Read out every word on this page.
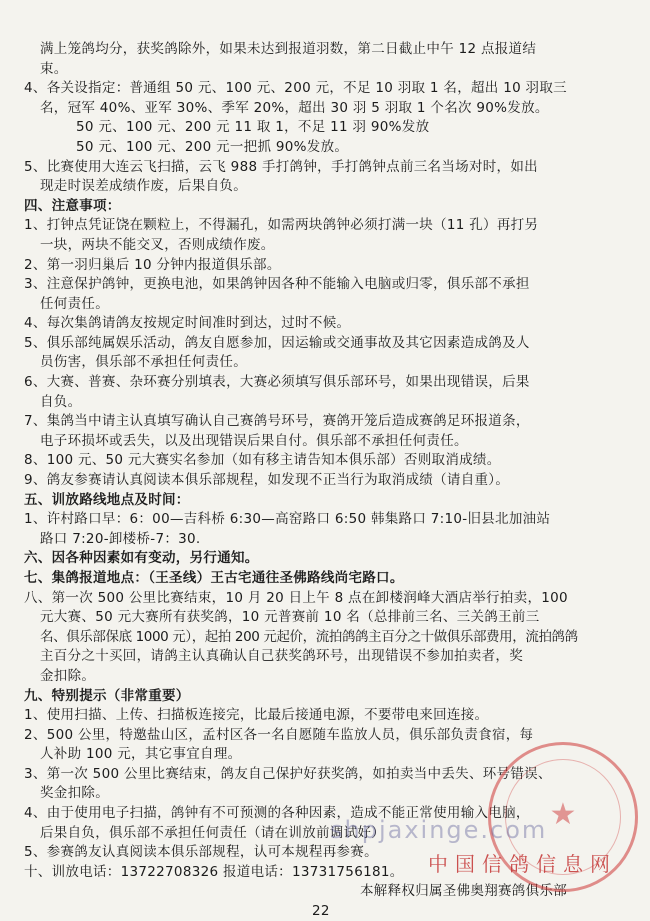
满上笼鸽均分，获奖鸽除外，如果未达到报道羽数，第二日截止中午 12 点报道结
束。
4、各关设指定：普通组 50 元、100 元、200 元，不足 10 羽取 1 名，超出 10 羽取三
名，冠军 40%、亚军 30%、季军 20%，超出 30 羽 5 羽取 1 个名次 90%发放。
50 元、100 元、200 元 11 取 1，不足 11 羽 90%发放
50 元、100 元、200 元一把抓 90%发放。
5、比赛使用大连云飞扫描，云飞 988 手打鸽钟，手打鸽钟点前三名当场对时，如出
现走时误差成绩作废，后果自负。
四、注意事项：
1、打钟点凭证饶在颗粒上，不得漏孔，如需两块鸽钟必须打满一块（11 孔）再打另
一块，两块不能交叉，否则成绩作废。
2、第一羽归巢后 10 分钟内报道俱乐部。
3、注意保护鸽钟，更换电池，如果鸽钟因各种不能输入电脑或归零，俱乐部不承担
任何责任。
4、每次集鸽请鸽友按规定时间准时到达，过时不候。
5、俱乐部纯属娱乐活动，鸽友自愿参加，因运输或交通事故及其它因素造成鸽及人
员伤害，俱乐部不承担任何责任。
6、大赛、普赛、杂环赛分别填表，大赛必须填写俱乐部环号，如果出现错误，后果
自负。
7、集鸽当中请主认真填写确认自己赛鸽号环号，赛鸽开笼后造成赛鸽足环报道条，
电子环损坏或丢失，以及出现错误后果自付。俱乐部不承担任何责任。
8、100 元、50 元大赛实名参加（如有移主请告知本俱乐部）否则取消成绩。
9、鸽友参赛请认真阅读本俱乐部规程，如发现不正当行为取消成绩（请自重）。
五、训放路线地点及时间：
1、许村路口早：6：00—吉科桥 6:30—高窑路口 6:50 韩集路口 7:10-旧县北加油站
路口 7:20-卸楼桥-7：30.
六、因各种因素如有变动，另行通知。
七、集鸽报道地点：（王圣线）王古宅通往圣佛路线尚宅路口。
八、第一次 500 公里比赛结束，10 月 20 日上午 8 点在卸楼润峰大酒店举行拍卖，100
元大赛、50 元大赛所有获奖鸽，10 元普赛前 10 名（总排前三名、三关鸽王前三
名、俱乐部保底 1000 元），起拍 200 元起价，流拍鸽鸽主百分之十做俱乐部费用，流拍鸽鸽
主百分之十买回，请鸽主认真确认自己获奖鸽环号，出现错误不参加拍卖者，奖
金扣除。
九、特别提示（非常重要）
1、使用扫描、上传、扫描板连接完，比最后接通电源，不要带电来回连接。
2、500 公里，特邀盐山区，孟村区各一名自愿随车监放人员，俱乐部负责食宿，每
人补助 100 元，其它事宜自理。
3、第一次 500 公里比赛结束，鸽友自己保护好获奖鸽，如拍卖当中丢失、环号错误、
奖金扣除。
4、由于使用电子扫描，鸽钟有不可预测的各种因素，造成不能正常使用输入电脑，
后果自负，俱乐部不承担任何责任（请在训放前调试好）
5、参赛鸽友认真阅读本俱乐部规程，认可本规程再参赛。
十、训放电话：13722708326 报道电话：13731756181。
本解释权归属圣佛奥翔赛鸽俱乐部
22
★
shpjaxinge.com
中国信鸽信息网
